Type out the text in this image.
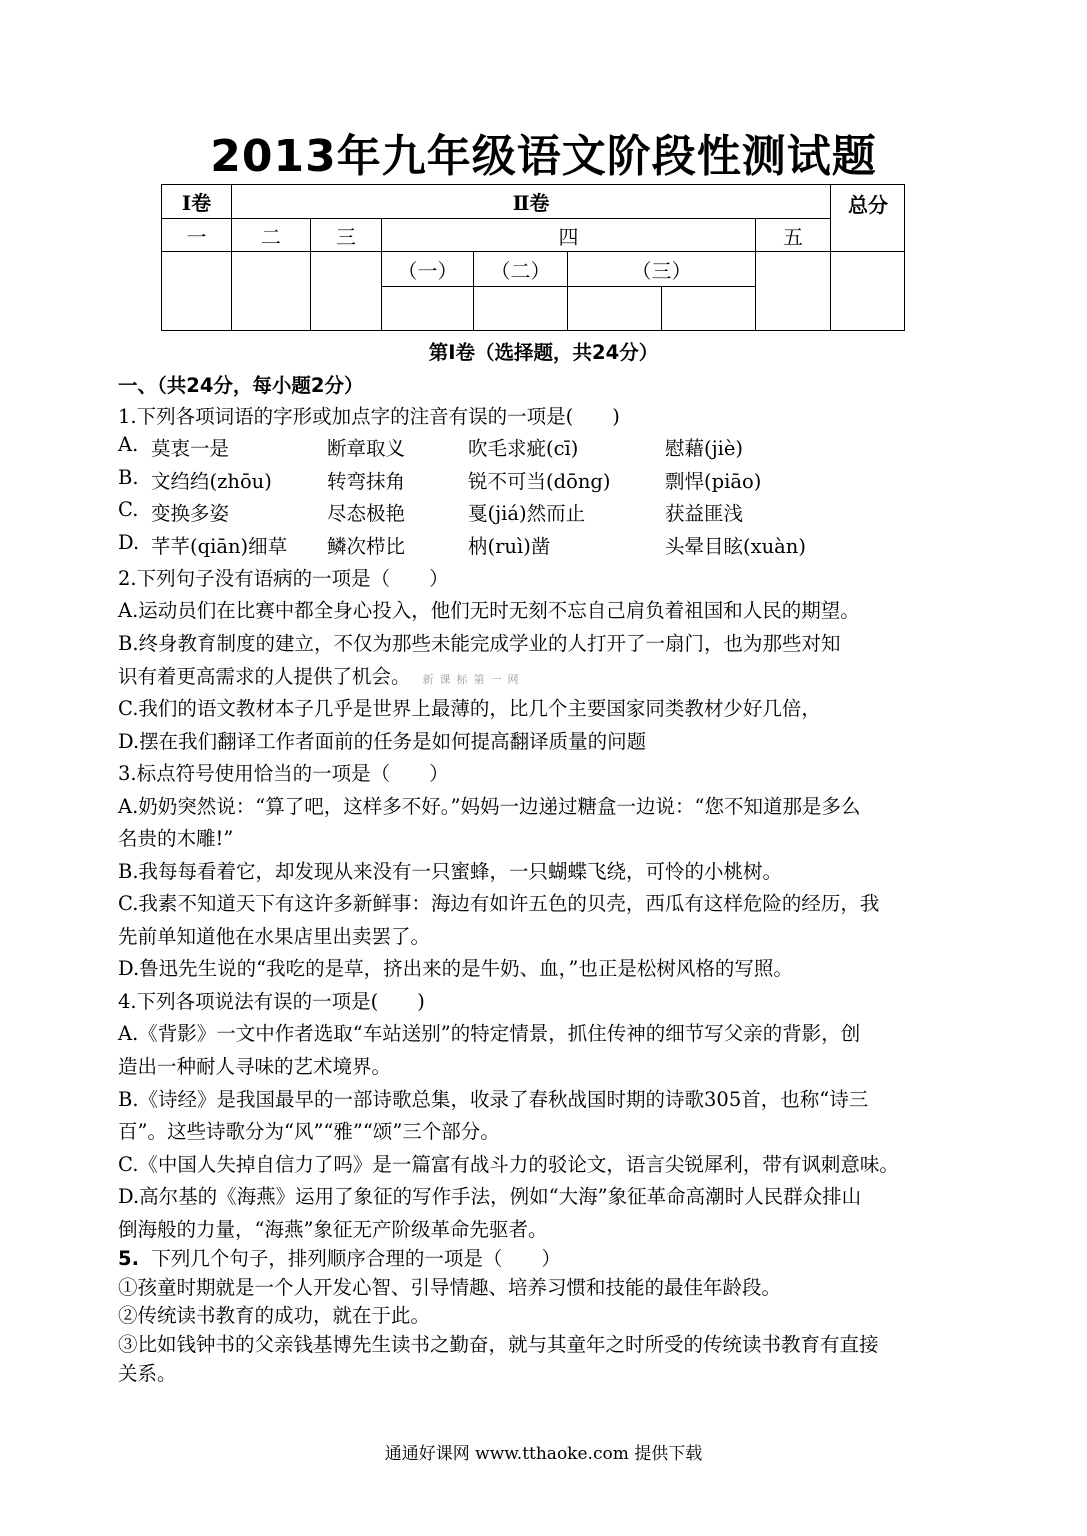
2013年九年级语文阶段性测试题
Ⅰ卷	Ⅱ卷							总分
一	二	三	四				五	
			（一）	（二）	（三）			

第Ⅰ卷（选择题，共24分）
一、（共24分，每小题2分）
1.下列各项词语的字形或加点字的注音有误的一项是(　　)
A. 莫衷一是	断章取义	吹毛求疵(cī)	慰藉(jiè)
B. 文绉绉(zhōu)	转弯抹角	锐不可当(dōng)	剽悍(piāo)
C. 变换多姿	尽态极艳	戛(jiá)然而止	获益匪浅
D. 芊芊(qiān)细草 鳞次栉比	枘(ruì)凿	头晕目眩(xuàn)
2.下列句子没有语病的一项是（　　）
A.运动员们在比赛中都全身心投入，他们无时无刻不忘自己肩负着祖国和人民的期望。
B.终身教育制度的建立，不仅为那些未能完成学业的人打开了一扇门，也为那些对知
识有着更高需求的人提供了机会。 新课标第一网
C.我们的语文教材本子几乎是世界上最薄的，比几个主要国家同类教材少好几倍，
D.摆在我们翻译工作者面前的任务是如何提高翻译质量的问题
3.标点符号使用恰当的一项是（　　）
A.奶奶突然说：“算了吧，这样多不好。”妈妈一边递过糖盒一边说：“您不知道那是多么
名贵的木雕!”
B.我每每看着它，却发现从来没有一只蜜蜂，一只蝴蝶飞绕，可怜的小桃树。
C.我素不知道天下有这许多新鲜事：海边有如许五色的贝壳，西瓜有这样危险的经历，我
先前单知道他在水果店里出卖罢了。
D.鲁迅先生说的“我吃的是草，挤出来的是牛奶、血，”也正是松树风格的写照。
4.下列各项说法有误的一项是(　　)
A.《背影》一文中作者选取“车站送别”的特定情景，抓住传神的细节写父亲的背影，创
造出一种耐人寻味的艺术境界。
B.《诗经》是我国最早的一部诗歌总集，收录了春秋战国时期的诗歌305首，也称“诗三
百”。这些诗歌分为“风”“雅”“颂”三个部分。
C.《中国人失掉自信力了吗》是一篇富有战斗力的驳论文，语言尖锐犀利，带有讽刺意味。
D.高尔基的《海燕》运用了象征的写作手法，例如“大海”象征革命高潮时人民群众排山
倒海般的力量，“海燕”象征无产阶级革命先驱者。
5. 下列几个句子，排列顺序合理的一项是（　　）
①孩童时期就是一个人开发心智、引导情趣、培养习惯和技能的最佳年龄段。
②传统读书教育的成功，就在于此。
③比如钱钟书的父亲钱基博先生读书之勤奋，就与其童年之时所受的传统读书教育有直接
关系。
通通好课网 www.tthaoke.com 提供下载
